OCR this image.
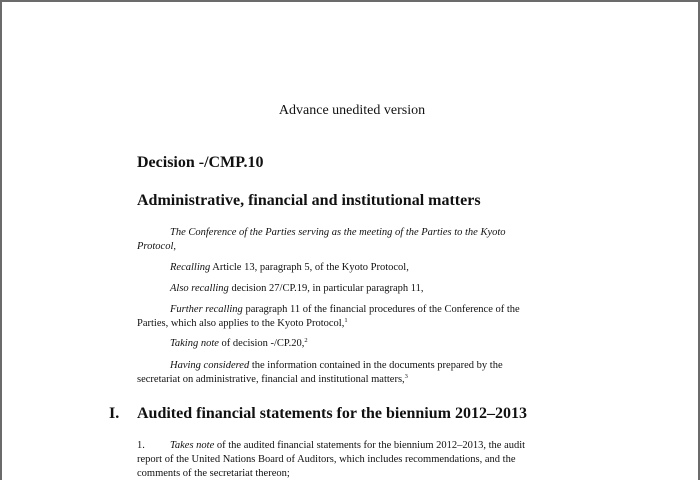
Advance unedited version
Decision -/CMP.10
Administrative, financial and institutional matters
The Conference of the Parties serving as the meeting of the Parties to the Kyoto
Protocol,
Recalling Article 13, paragraph 5, of the Kyoto Protocol,
Also recalling decision 27/CP.19, in particular paragraph 11,
Further recalling paragraph 11 of the financial procedures of the Conference of the
Parties, which also applies to the Kyoto Protocol,$^1$
Taking note of decision -/CP.20,$^2$
Having considered the information contained in the documents prepared by the
secretariat on administrative, financial and institutional matters,$^3$
I. Audited financial statements for the biennium 2012–2013
1. Takes note of the audited financial statements for the biennium 2012–2013, the audit
report of the United Nations Board of Auditors, which includes recommendations, and the
comments of the secretariat thereon;
